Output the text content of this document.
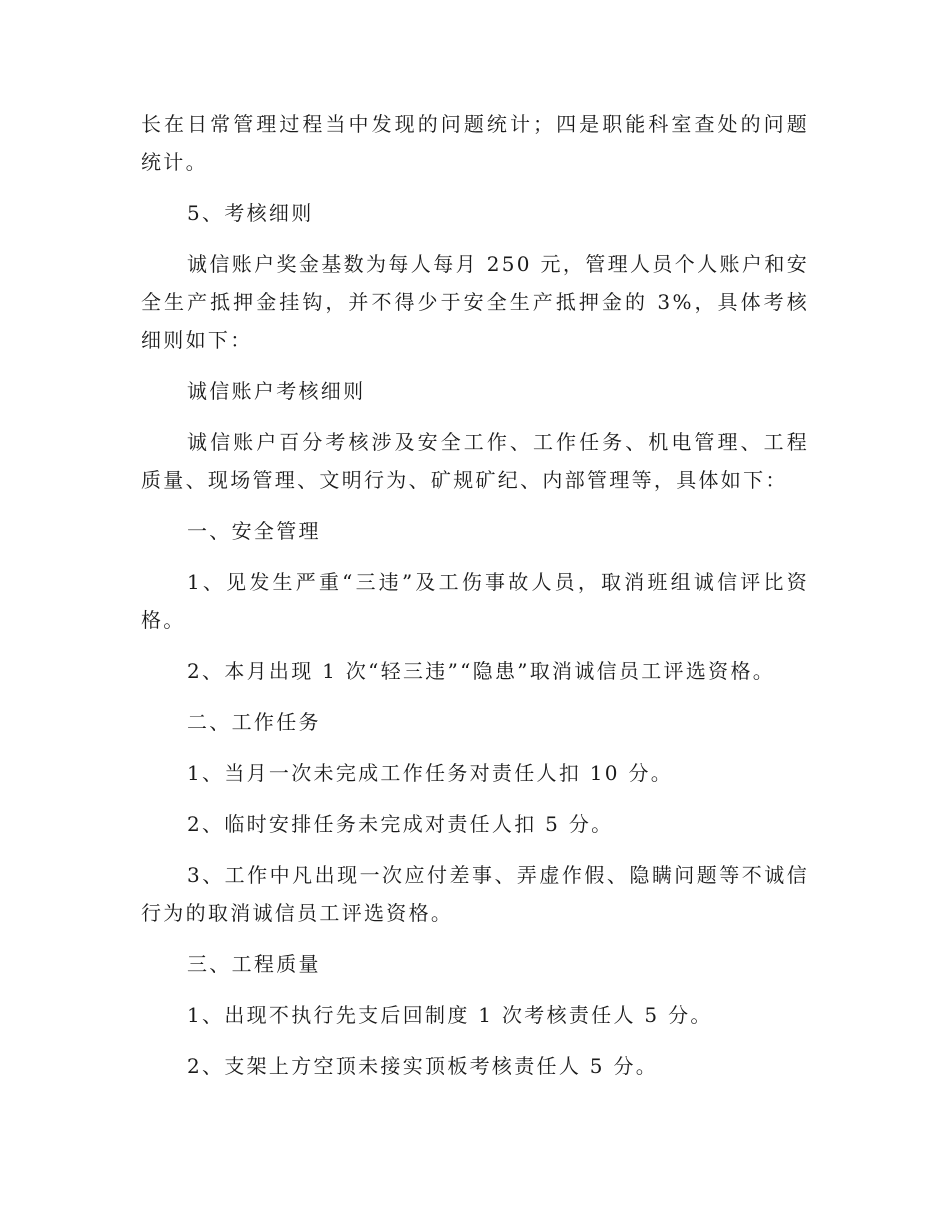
长在日常管理过程当中发现的问题统计；四是职能科室查处的问题统计。

5、考核细则

诚信账户奖金基数为每人每月 250 元，管理人员个人账户和安全生产抵押金挂钩，并不得少于安全生产抵押金的 3%，具体考核细则如下：

诚信账户考核细则

诚信账户百分考核涉及安全工作、工作任务、机电管理、工程质量、现场管理、文明行为、矿规矿纪、内部管理等，具体如下：

一、安全管理

1、见发生严重“三违”及工伤事故人员，取消班组诚信评比资格。

2、本月出现 1 次“轻三违”“隐患”取消诚信员工评选资格。

二、工作任务

1、当月一次未完成工作任务对责任人扣 10 分。

2、临时安排任务未完成对责任人扣 5 分。

3、工作中凡出现一次应付差事、弄虚作假、隐瞒问题等不诚信行为的取消诚信员工评选资格。

三、工程质量

1、出现不执行先支后回制度 1 次考核责任人 5 分。

2、支架上方空顶未接实顶板考核责任人 5 分。
